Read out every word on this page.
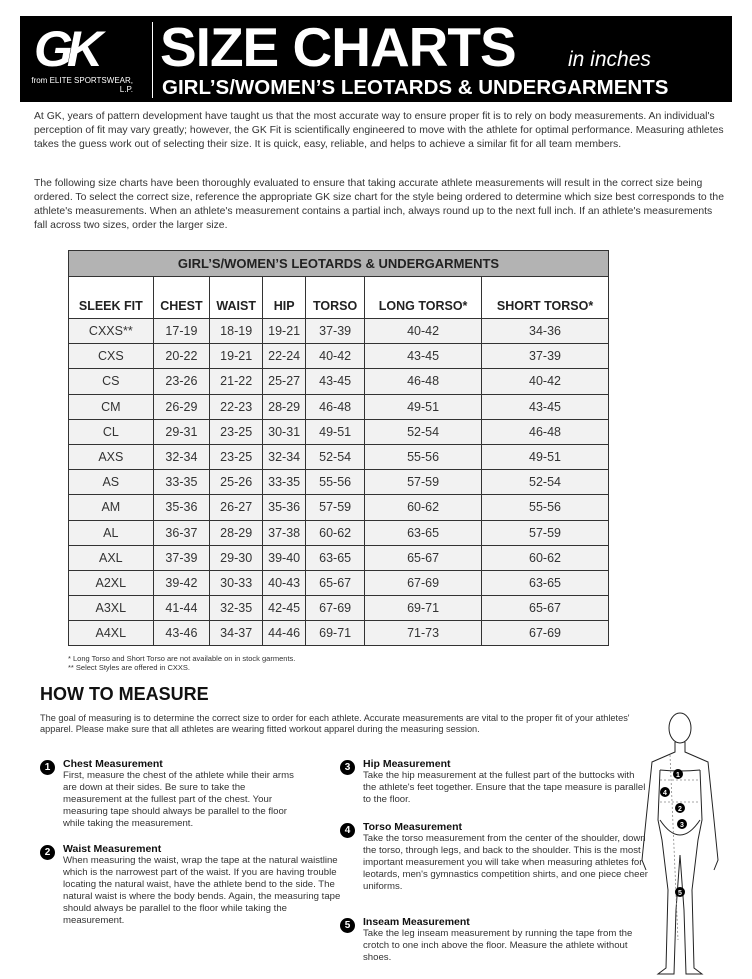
GK
from ELITE SPORTSWEAR, L.P.
SIZE CHARTS in inches
GIRL’S/WOMEN’S LEOTARDS & UNDERGARMENTS
At GK, years of pattern development have taught us that the most accurate way to ensure proper fit is to rely on body measurements. An individual's perception of fit may vary greatly; however, the GK Fit is scientifically engineered to move with the athlete for optimal performance. Measuring athletes takes the guess work out of selecting their size. It is quick, easy, reliable, and helps to achieve a similar fit for all team members.
The following size charts have been thoroughly evaluated to ensure that taking accurate athlete measurements will result in the correct size being ordered. To select the correct size, reference the appropriate GK size chart for the style being ordered to determine which size best corresponds to the athlete's measurements. When an athlete's measurement contains a partial inch, always round up to the next full inch. If an athlete's measurements fall across two sizes, order the larger size.
GIRL’S/WOMEN’S LEOTARDS & UNDERGARMENTS						
SLEEK FIT	CHEST	WAIST	HIP	TORSO	LONG TORSO*	SHORT TORSO*
CXXS**	17-19	18-19	19-21	37-39	40-42	34-36
CXS	20-22	19-21	22-24	40-42	43-45	37-39
CS	23-26	21-22	25-27	43-45	46-48	40-42
CM	26-29	22-23	28-29	46-48	49-51	43-45
CL	29-31	23-25	30-31	49-51	52-54	46-48
AXS	32-34	23-25	32-34	52-54	55-56	49-51
AS	33-35	25-26	33-35	55-56	57-59	52-54
AM	35-36	26-27	35-36	57-59	60-62	55-56
AL	36-37	28-29	37-38	60-62	63-65	57-59
AXL	37-39	29-30	39-40	63-65	65-67	60-62
A2XL	39-42	30-33	40-43	65-67	67-69	63-65
A3XL	41-44	32-35	42-45	67-69	69-71	65-67
A4XL	43-46	34-37	44-46	69-71	71-73	67-69
* Long Torso and Short Torso are not available on in stock garments.
** Select Styles are offered in CXXS.
HOW TO MEASURE
The goal of measuring is to determine the correct size to order for each athlete. Accurate measurements are vital to the proper fit of your athletes' apparel. Please make sure that all athletes are wearing fitted workout apparel during the measuring session.
1	Chest Measurement
First, measure the chest of the athlete while their arms are down at their sides. Be sure to take the measurement at the fullest part of the chest. Your measuring tape should always be parallel to the floor while taking the measurement.
2	Waist Measurement
When measuring the waist, wrap the tape at the natural waistline which is the narrowest part of the waist. If you are having trouble locating the natural waist, have the athlete bend to the side. The natural waist is where the body bends. Again, the measuring tape should always be parallel to the floor while taking the measurement.
3	Hip Measurement
Take the hip measurement at the fullest part of the buttocks with the athlete's feet together. Ensure that the tape measure is parallel to the floor.
4	Torso Measurement
Take the torso measurement from the center of the shoulder, down the torso, through legs, and back to the shoulder. This is the most important measurement you will take when measuring athletes for leotards, men's gymnastics competition shirts, and one piece cheer uniforms.
5	Inseam Measurement
Take the leg inseam measurement by running the tape from the crotch to one inch above the floor. Measure the athlete without shoes.
1
4
2
3
5
